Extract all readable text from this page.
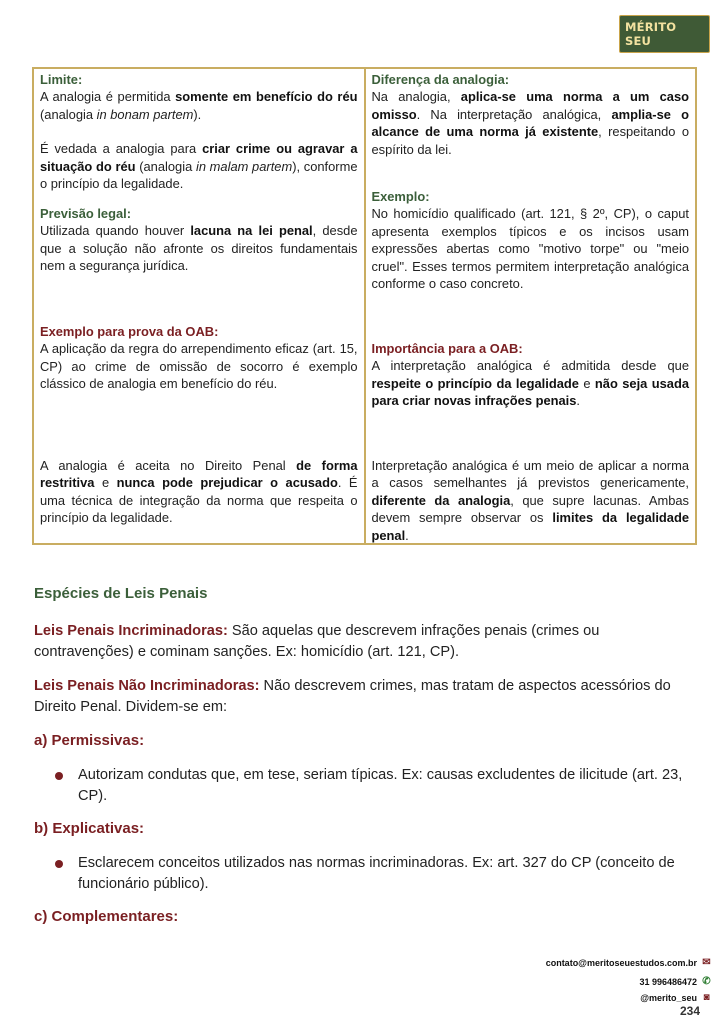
MÉRITO SEU
Limite:

A analogia é permitida somente em benefício do réu (analogia in bonam partem).

É vedada a analogia para criar crime ou agravar a situação do réu (analogia in malam partem), conforme o princípio da legalidade.

Previsão legal:

Utilizada quando houver lacuna na lei penal, desde que a solução não afronte os direitos fundamentais nem a segurança jurídica.

Exemplo para prova da OAB:

A aplicação da regra do arrependimento eficaz (art. 15, CP) ao crime de omissão de socorro é exemplo clássico de analogia em benefício do réu.

A analogia é aceita no Direito Penal de forma restritiva e nunca pode prejudicar o acusado. É uma técnica de integração da norma que respeita o princípio da legalidade.

Diferença da analogia:

Na analogia, aplica-se uma norma a um caso omisso. Na interpretação analógica, amplia-se o alcance de uma norma já existente, respeitando o espírito da lei.

Exemplo:

No homicídio qualificado (art. 121, § 2º, CP), o caput apresenta exemplos típicos e os incisos usam expressões abertas como "motivo torpe" ou "meio cruel". Esses termos permitem interpretação analógica conforme o caso concreto.

Importância para a OAB:

A interpretação analógica é admitida desde que respeite o princípio da legalidade e não seja usada para criar novas infrações penais.

Interpretação analógica é um meio de aplicar a norma a casos semelhantes já previstos genericamente, diferente da analogia, que supre lacunas. Ambas devem sempre observar os limites da legalidade penal.

Espécies de Leis Penais
Leis Penais Incriminadoras: São aquelas que descrevem infrações penais (crimes ou contravenções) e cominam sanções. Ex: homicídio (art. 121, CP).
Leis Penais Não Incriminadoras: Não descrevem crimes, mas tratam de aspectos acessórios do Direito Penal. Dividem-se em:
a) Permissivas:
Autorizam condutas que, em tese, seriam típicas. Ex: causas excludentes de ilicitude (art. 23, CP).
b) Explicativas:
Esclarecem conceitos utilizados nas normas incriminadoras. Ex: art. 327 do CP (conceito de funcionário público).
c) Complementares:
contato@meritoseuestudos.com.br ✉
31 996486472 ✆
@merito_seu ◙
234
